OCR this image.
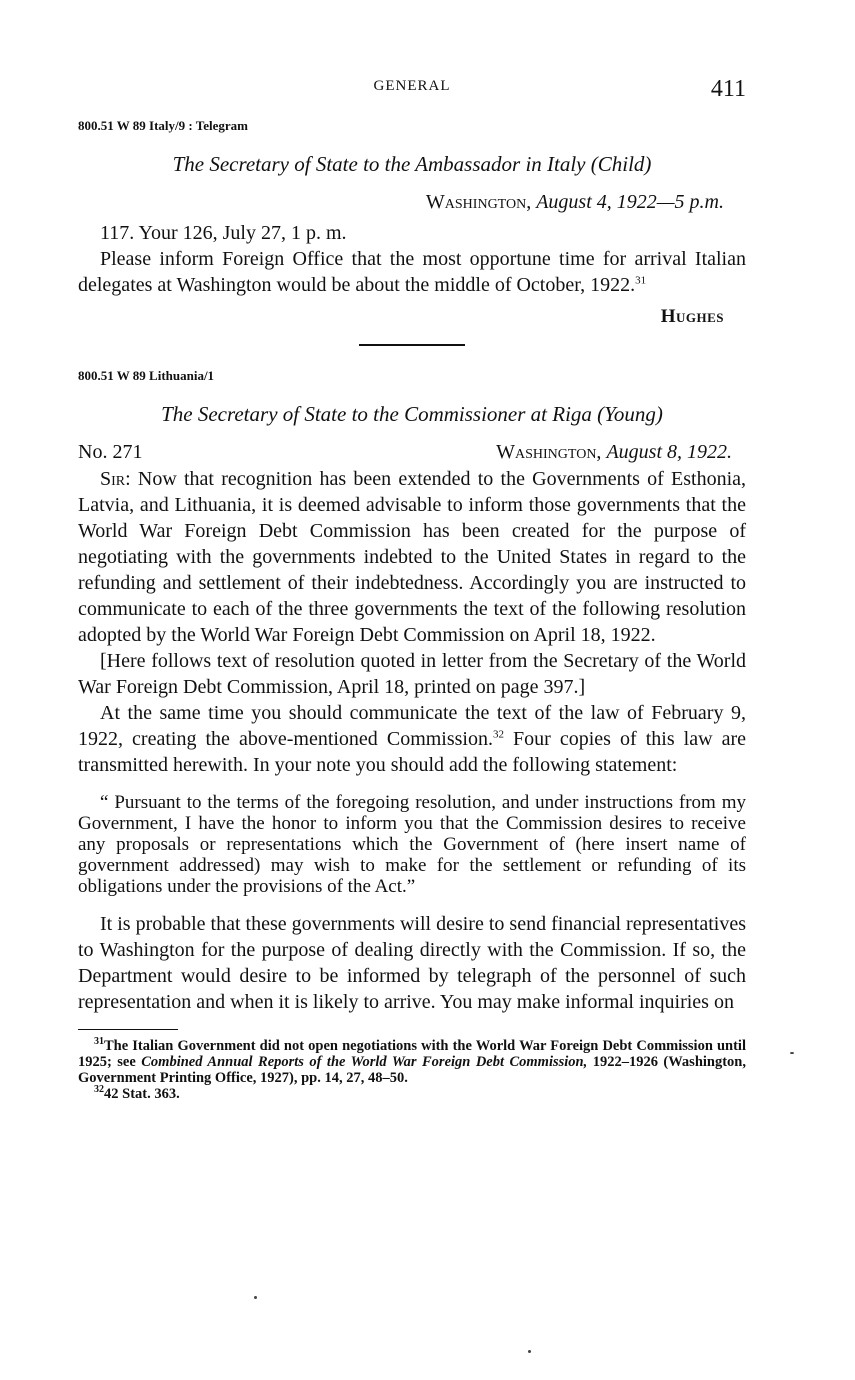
GENERAL	411
800.51 W 89 Italy/9 : Telegram
The Secretary of State to the Ambassador in Italy (Child)
Washington, August 4, 1922—5 p.m.

117. Your 126, July 27, 1 p. m.

Please inform Foreign Office that the most opportune time for arrival Italian delegates at Washington would be about the middle of October, 1922.31

Hughes
800.51 W 89 Lithuania/1
The Secretary of State to the Commissioner at Riga (Young)
No. 271	Washington, August 8, 1922.

Sir: Now that recognition has been extended to the Governments of Esthonia, Latvia, and Lithuania, it is deemed advisable to inform those governments that the World War Foreign Debt Commission has been created for the purpose of negotiating with the governments indebted to the United States in regard to the refunding and settlement of their indebtedness. Accordingly you are instructed to communicate to each of the three governments the text of the following resolution adopted by the World War Foreign Debt Commission on April 18, 1922.

[Here follows text of resolution quoted in letter from the Secretary of the World War Foreign Debt Commission, April 18, printed on page 397.]

At the same time you should communicate the text of the law of February 9, 1922, creating the above-mentioned Commission.$^{32}$ Four copies of this law are transmitted herewith. In your note you should add the following statement:

“ Pursuant to the terms of the foregoing resolution, and under instructions from my Government, I have the honor to inform you that the Commission desires to receive any proposals or representations which the Government of (here insert name of government addressed) may wish to make for the settlement or refunding of its obligations under the provisions of the Act.”

It is probable that these governments will desire to send financial representatives to Washington for the purpose of dealing directly with the Commission. If so, the Department would desire to be informed by telegraph of the personnel of such representation and when it is likely to arrive. You may make informal inquiries on

$^{31}$The Italian Government did not open negotiations with the World War Foreign Debt Commission until 1925; see Combined Annual Reports of the World War Foreign Debt Commission, 1922–1926 (Washington, Government Printing Office, 1927), pp. 14, 27, 48–50.

$^{32}$42 Stat. 363.
